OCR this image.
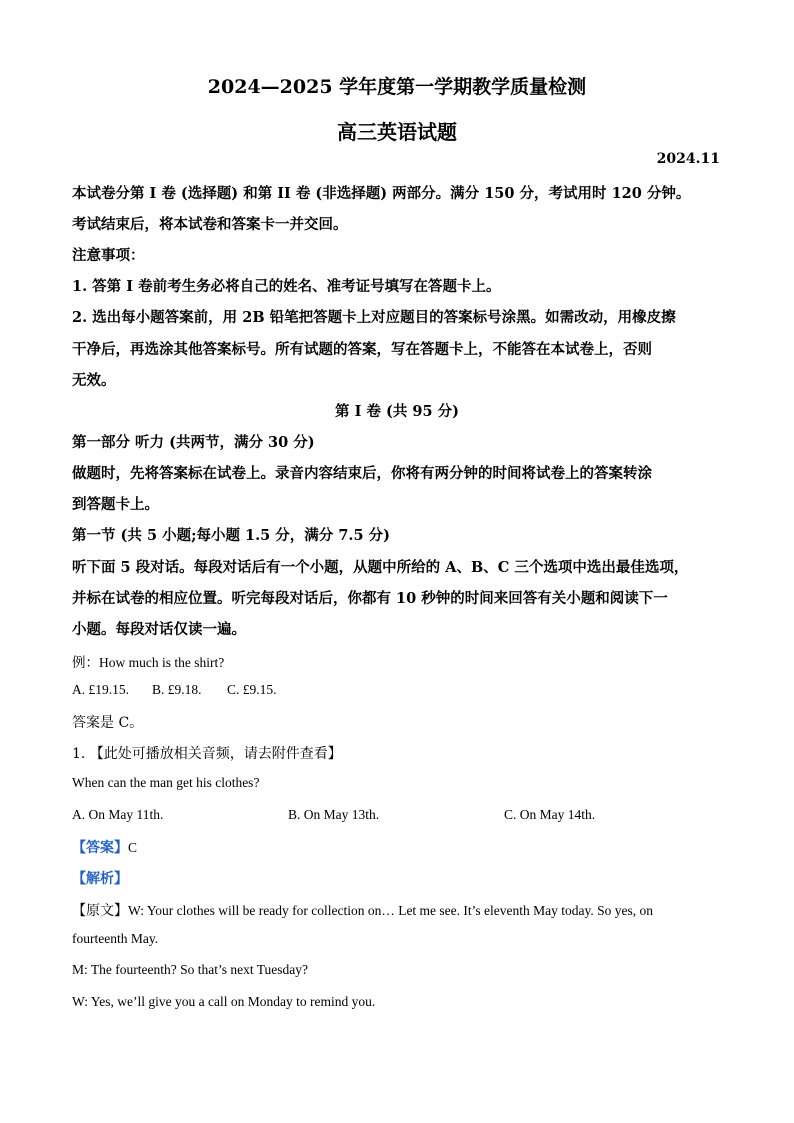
2024—2025 学年度第一学期教学质量检测
高三英语试题
2024.11
本试卷分第 I 卷 (选择题) 和第 II 卷 (非选择题) 两部分。满分 150 分，考试用时 120 分钟。
考试结束后，将本试卷和答案卡一并交回。
注意事项：
1. 答第 I 卷前考生务必将自己的姓名、准考证号填写在答题卡上。
2. 选出每小题答案前，用 2B 铅笔把答题卡上对应题目的答案标号涂黑。如需改动，用橡皮擦
干净后，再选涂其他答案标号。所有试题的答案，写在答题卡上，不能答在本试卷上，否则
无效。
第 I 卷 (共 95 分)
第一部分 听力 (共两节，满分 30 分)
做题时，先将答案标在试卷上。录音内容结束后，你将有两分钟的时间将试卷上的答案转涂
到答题卡上。
第一节 (共 5 小题;每小题 1.5 分，满分 7.5 分)
听下面 5 段对话。每段对话后有一个小题，从题中所给的 A、B、C 三个选项中选出最佳选项，
并标在试卷的相应位置。听完每段对话后，你都有 10 秒钟的时间来回答有关小题和阅读下一
小题。每段对话仅读一遍。
例：How much is the shirt?
A. £19.15. B. £9.18. C. £9.15.
答案是 C。
1. 【此处可播放相关音频，请去附件查看】
When can the man get his clothes?
A. On May 11th.	B. On May 13th.	C. On May 14th.
【答案】C
【解析】
【原文】W: Your clothes will be ready for collection on… Let me see. It’s eleventh May today. So yes, on
fourteenth May.
M: The fourteenth? So that’s next Tuesday?
W: Yes, we’ll give you a call on Monday to remind you.
